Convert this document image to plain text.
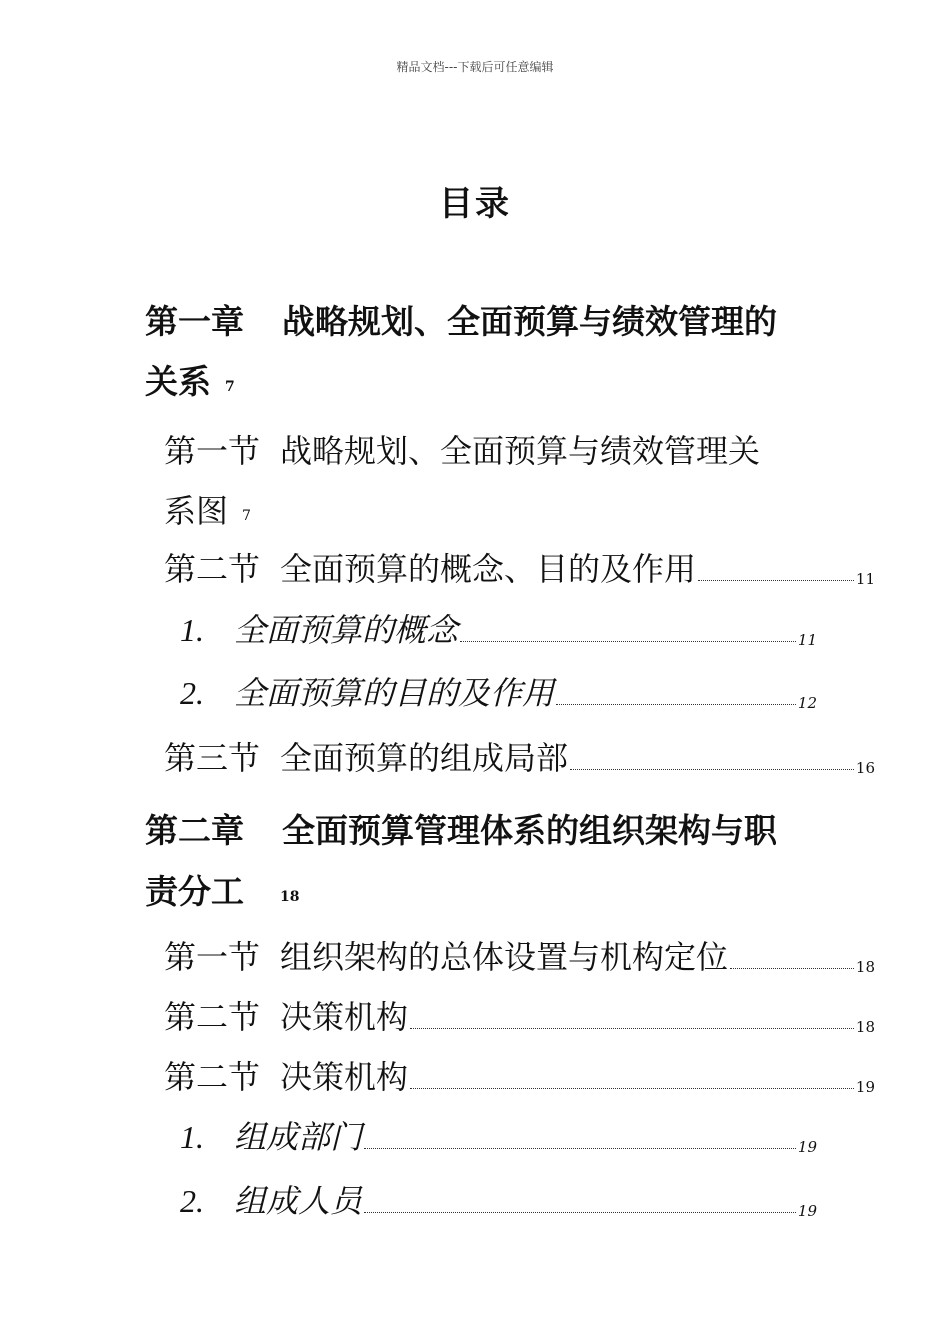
精品文档---下载后可任意编辑
目录
第一章 战略规划、全面预算与绩效管理的
关系 7
第一节 战略规划、全面预算与绩效管理关
系图 7
第二节 全面预算的概念、目的及作用	11
1. 全面预算的概念	11
2. 全面预算的目的及作用	12
第三节 全面预算的组成局部	16
第二章 全面预算管理体系的组织架构与职
责分工	18
第一节 组织架构的总体设置与机构定位	18
第二节 决策机构	18
第二节 决策机构	19
1. 组成部门	19
2. 组成人员	19
